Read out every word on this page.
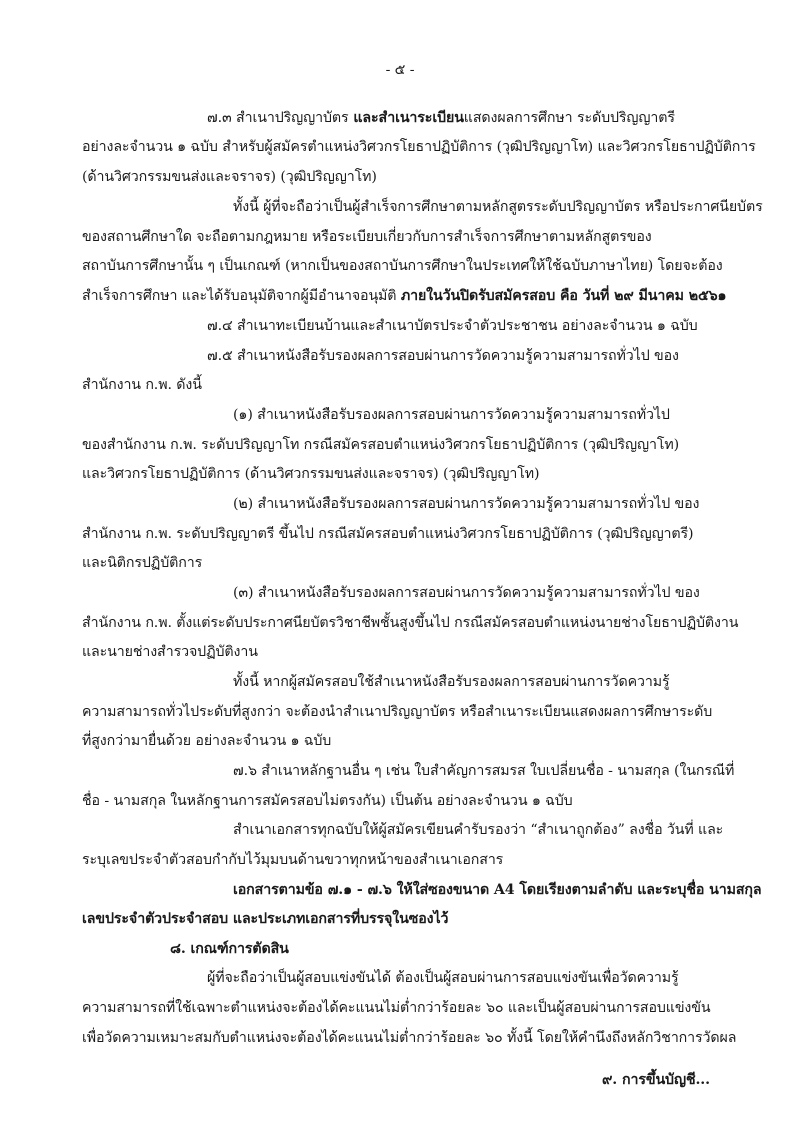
- ๕ -
๗.๓ สำเนาปริญญาบัตร และสำเนาระเบียนแสดงผลการศึกษา ระดับปริญญาตรี
อย่างละจำนวน ๑ ฉบับ สำหรับผู้สมัครตำแหน่งวิศวกรโยธาปฏิบัติการ (วุฒิปริญญาโท) และวิศวกรโยธาปฏิบัติการ
(ด้านวิศวกรรมขนส่งและจราจร) (วุฒิปริญญาโท)
ทั้งนี้ ผู้ที่จะถือว่าเป็นผู้สำเร็จการศึกษาตามหลักสูตรระดับปริญญาบัตร หรือประกาศนียบัตร
ของสถานศึกษาใด จะถือตามกฎหมาย หรือระเบียบเกี่ยวกับการสำเร็จการศึกษาตามหลักสูตรของ
สถาบันการศึกษานั้น ๆ เป็นเกณฑ์ (หากเป็นของสถาบันการศึกษาในประเทศให้ใช้ฉบับภาษาไทย) โดยจะต้อง
สำเร็จการศึกษา และได้รับอนุมัติจากผู้มีอำนาจอนุมัติ ภายในวันปิดรับสมัครสอบ คือ วันที่ ๒๙ มีนาคม ๒๕๖๑
๗.๔ สำเนาทะเบียนบ้านและสำเนาบัตรประจำตัวประชาชน อย่างละจำนวน ๑ ฉบับ
๗.๕ สำเนาหนังสือรับรองผลการสอบผ่านการวัดความรู้ความสามารถทั่วไป ของ
สำนักงาน ก.พ. ดังนี้
(๑) สำเนาหนังสือรับรองผลการสอบผ่านการวัดความรู้ความสามารถทั่วไป
ของสำนักงาน ก.พ. ระดับปริญญาโท กรณีสมัครสอบตำแหน่งวิศวกรโยธาปฏิบัติการ (วุฒิปริญญาโท)
และวิศวกรโยธาปฏิบัติการ (ด้านวิศวกรรมขนส่งและจราจร) (วุฒิปริญญาโท)
(๒) สำเนาหนังสือรับรองผลการสอบผ่านการวัดความรู้ความสามารถทั่วไป ของ
สำนักงาน ก.พ. ระดับปริญญาตรี ขึ้นไป กรณีสมัครสอบตำแหน่งวิศวกรโยธาปฏิบัติการ (วุฒิปริญญาตรี)
และนิติกรปฏิบัติการ
(๓) สำเนาหนังสือรับรองผลการสอบผ่านการวัดความรู้ความสามารถทั่วไป ของ
สำนักงาน ก.พ. ตั้งแต่ระดับประกาศนียบัตรวิชาชีพชั้นสูงขึ้นไป กรณีสมัครสอบตำแหน่งนายช่างโยธาปฏิบัติงาน
และนายช่างสำรวจปฏิบัติงาน
ทั้งนี้ หากผู้สมัครสอบใช้สำเนาหนังสือรับรองผลการสอบผ่านการวัดความรู้
ความสามารถทั่วไประดับที่สูงกว่า จะต้องนำสำเนาปริญญาบัตร หรือสำเนาระเบียนแสดงผลการศึกษาระดับ
ที่สูงกว่ามายื่นด้วย อย่างละจำนวน ๑ ฉบับ
๗.๖ สำเนาหลักฐานอื่น ๆ เช่น ใบสำคัญการสมรส ใบเปลี่ยนชื่อ - นามสกุล (ในกรณีที่
ชื่อ - นามสกุล ในหลักฐานการสมัครสอบไม่ตรงกัน) เป็นต้น อย่างละจำนวน ๑ ฉบับ
สำเนาเอกสารทุกฉบับให้ผู้สมัครเขียนคำรับรองว่า “สำเนาถูกต้อง” ลงชื่อ วันที่ และ
ระบุเลขประจำตัวสอบกำกับไว้มุมบนด้านขวาทุกหน้าของสำเนาเอกสาร
เอกสารตามข้อ ๗.๑ - ๗.๖ ให้ใส่ซองขนาด A4 โดยเรียงตามลำดับ และระบุชื่อ นามสกุล
เลขประจำตัวประจำสอบ และประเภทเอกสารที่บรรจุในซองไว้
๘. เกณฑ์การตัดสิน
ผู้ที่จะถือว่าเป็นผู้สอบแข่งขันได้ ต้องเป็นผู้สอบผ่านการสอบแข่งขันเพื่อวัดความรู้
ความสามารถที่ใช้เฉพาะตำแหน่งจะต้องได้คะแนนไม่ต่ำกว่าร้อยละ ๖๐ และเป็นผู้สอบผ่านการสอบแข่งขัน
เพื่อวัดความเหมาะสมกับตำแหน่งจะต้องได้คะแนนไม่ต่ำกว่าร้อยละ ๖๐ ทั้งนี้ โดยให้คำนึงถึงหลักวิชาการวัดผล
๙. การขึ้นบัญชี...
